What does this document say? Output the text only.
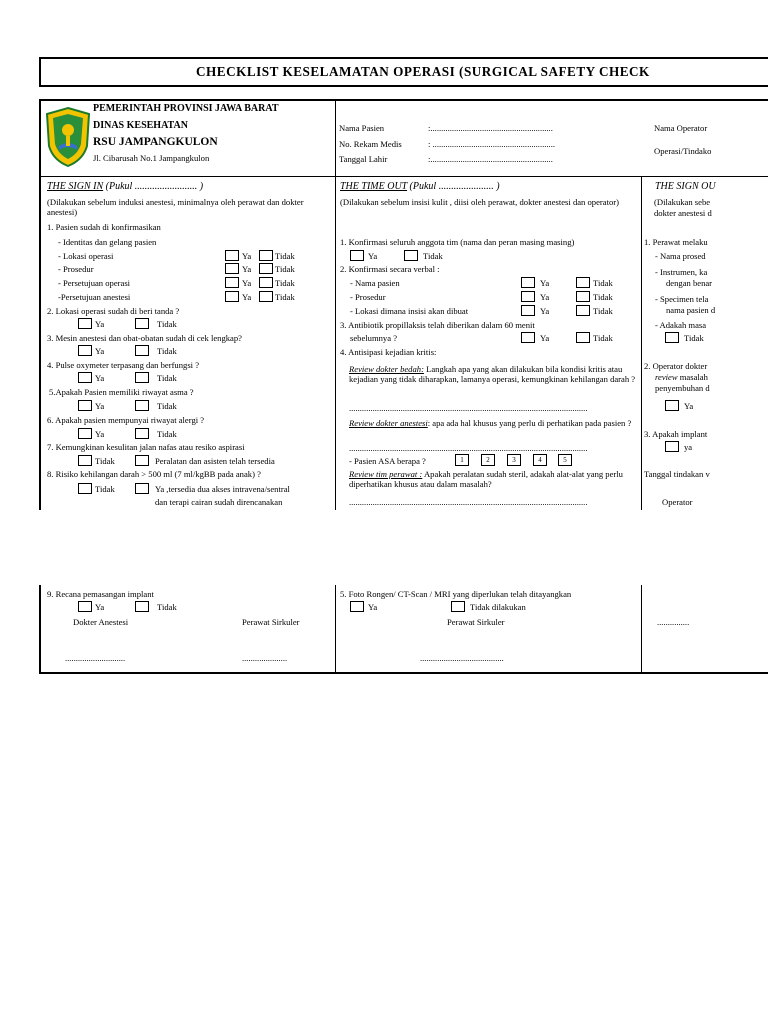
CHECKLIST KESELAMATAN OPERASI (SURGICAL SAFETY CHECK
PEMERINTAH PROVINSI JAWA BARAT
DINAS KESEHATAN
RSU JAMPANGKULON
Jl. Cibarusah No.1 Jampangkulon
Nama Pasien	:.........................................................
No. Rekam Medis	: .........................................................
Tanggal Lahir	:.........................................................
Nama Operator
Operasi/Tindako
THE SIGN IN (Pukul ......................... )
(Dilakukan sebelum induksi anestesi, minimalnya oleh perawat dan dokter anestesi)
1. Pasien sudah di konfirmasikan
- Identitas dan gelang pasien
- Lokasi operasi	Ya	Tidak
- Prosedur	Ya	Tidak
- Persetujuan operasi	Ya	Tidak
-Persetujuan anestesi	Ya	Tidak
2. Lokasi operasi sudah di beri tanda ?
Ya	Tidak
3. Mesin anestesi dan obat-obatan sudah di cek lengkap?
Ya	Tidak
4. Pulse oxymeter terpasang dan berfungsi ?
Ya	Tidak
5.Apakah Pasien memiliki riwayat asma ?
Ya	Tidak
6. Apakah pasien mempunyai riwayat alergi ?
Ya	Tidak
7. Kemungkinan kesulitan jalan nafas atau resiko aspirasi
Tidak	Peralatan dan asisten telah tersedia
8. Risiko kehilangan darah > 500 ml (7 ml/kgBB pada anak) ?
Tidak	Ya ,tersedia dua akses intravena/sentral
dan terapi cairan sudah direncanakan
9. Recana pemasangan implant
Ya	Tidak
Dokter Anestesi	Perawat Sirkuler
............................	.....................
THE TIME OUT (Pukul ...................... )
(Dilakukan sebelum insisi kulit , diisi oleh perawat, dokter anestesi dan operator)
1. Konfirmasi seluruh anggota tim (nama dan peran masing masing)
Ya	Tidak
2. Konfirmasi secara verbal :
- Nama pasien	Ya	Tidak
- Prosedur	Ya	Tidak
- Lokasi dimana insisi akan dibuat	Ya	Tidak
3. Antibiotik propillaksis telah diberikan dalam 60 menit
sebelumnya ?	Ya	Tidak
4. Antisipasi kejadian kritis:
Review dokter bedah: Langkah apa yang akan dilakukan bila kondisi kritis atau kejadian yang tidak diharapkan, lamanya operasi, kemungkinan kehilangan darah ?
...............................................................................................................
Review dokter anestesi: apa ada hal khusus yang perlu di perhatikan pada pasien ?
...............................................................................................................
- Pasien ASA berapa ?	1	2	3	4	5
Review tim perawat : Apakah peralatan sudah steril, adakah alat-alat yang perlu diperhatikan khusus atau dalam masalah?
...............................................................................................................
5. Foto Rongen/ CT-Scan / MRI yang diperlukan telah ditayangkan
Ya	Tidak dilakukan
Perawat Sirkuler
.......................................
THE SIGN OU
(Dilakukan sebe
dokter anestesi d
1. Perawat melaku
- Nama prosed
- Instrumen, ka
dengan benar
- Specimen tela
nama pasien d
- Adakah masa
Tidak
2. Operator dokter
review masalah
penyembuhan d
Ya
3. Apakah implant
ya
Tanggal tindakan v
Operator
...............
